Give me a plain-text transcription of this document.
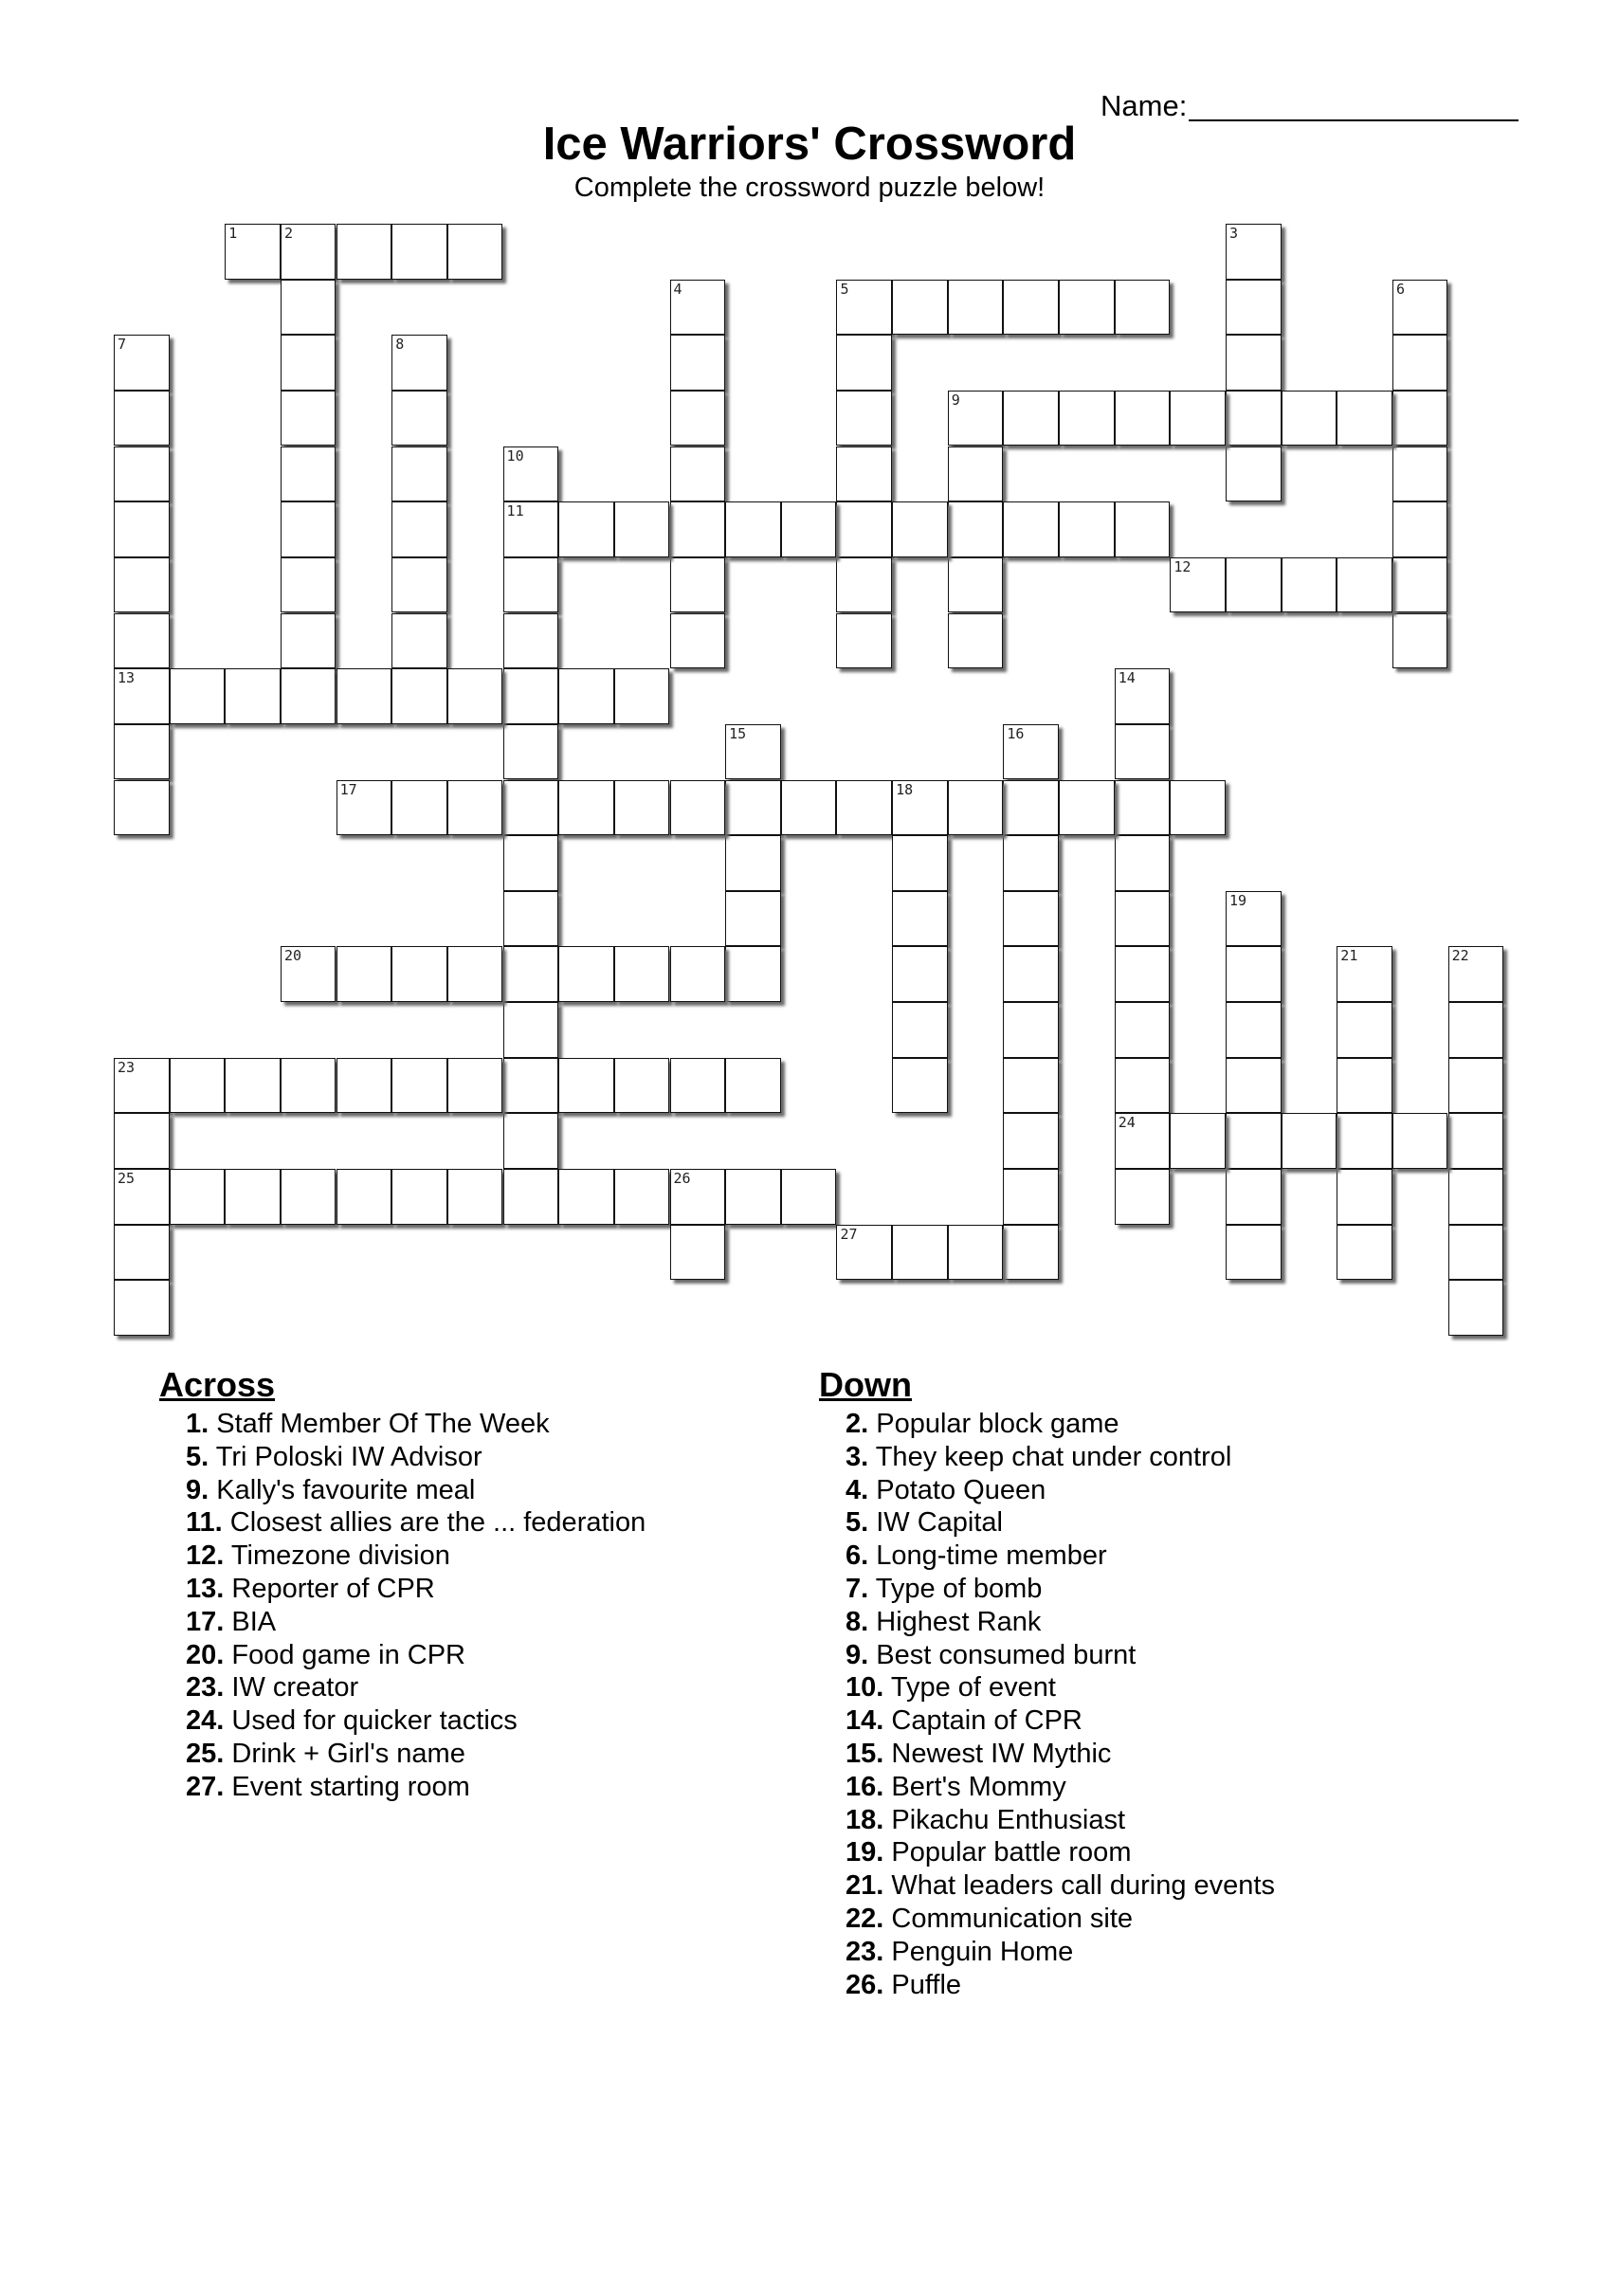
Name:
Ice Warriors' Crossword
Complete the crossword puzzle below!
1	2	3
4	5	6
7
13
8
9
10
11
12
14
24
15	16
17	18
19
20	21	22
23
25	26
27
Across
1. Staff Member Of The Week
5. Tri Poloski IW Advisor
9. Kally's favourite meal
11. Closest allies are the ... federation
12. Timezone division
13. Reporter of CPR
17. BIA
20. Food game in CPR
23. IW creator
24. Used for quicker tactics
25. Drink + Girl's name
27. Event starting room
Down
2. Popular block game
3. They keep chat under control
4. Potato Queen
5. IW Capital
6. Long-time member
7. Type of bomb
8. Highest Rank
9. Best consumed burnt
10. Type of event
14. Captain of CPR
15. Newest IW Mythic
16. Bert's Mommy
18. Pikachu Enthusiast
19. Popular battle room
21. What leaders call during events
22. Communication site
23. Penguin Home
26. Puffle
